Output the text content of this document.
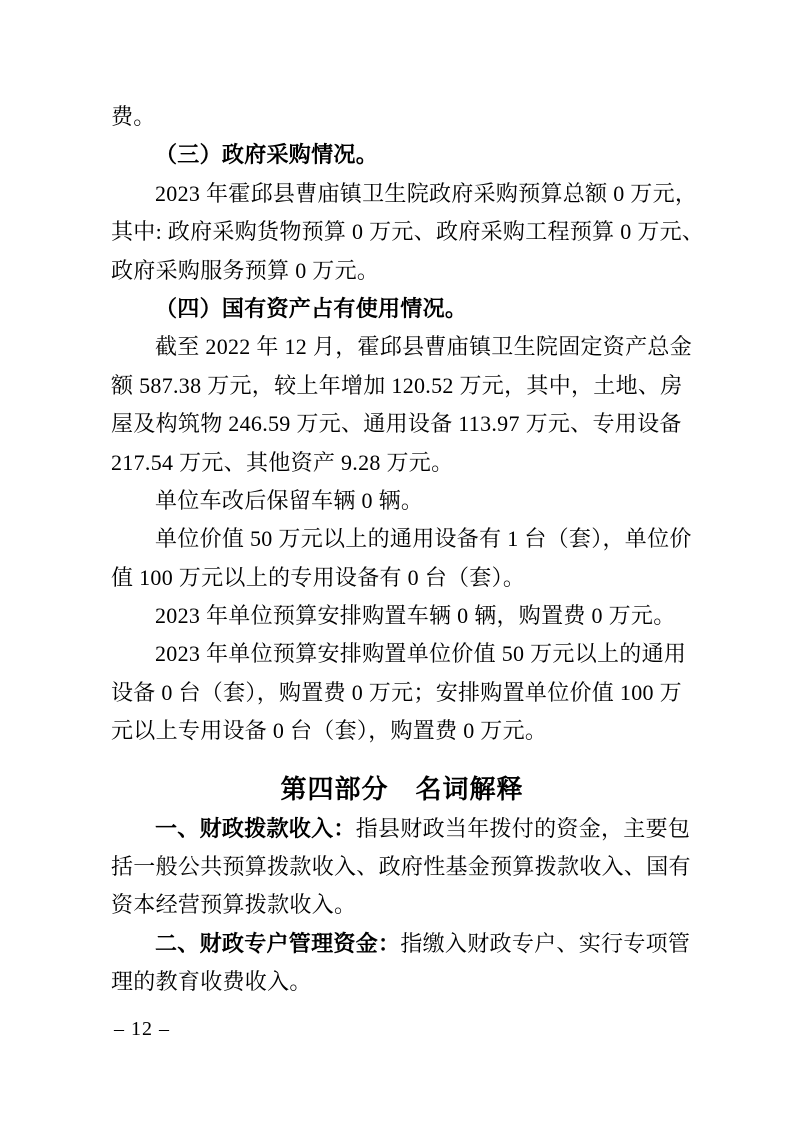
费。
（三）政府采购情况。
2023 年霍邱县曹庙镇卫生院政府采购预算总额 0 万元，
其中: 政府采购货物预算 0 万元、政府采购工程预算 0 万元、
政府采购服务预算 0 万元。
（四）国有资产占有使用情况。
截至 2022 年 12 月，霍邱县曹庙镇卫生院固定资产总金
额 587.38 万元，较上年增加 120.52 万元，其中，土地、房
屋及构筑物 246.59 万元、通用设备 113.97 万元、专用设备
217.54 万元、其他资产 9.28 万元。
单位车改后保留车辆 0 辆。
单位价值 50 万元以上的通用设备有 1 台（套），单位价
值 100 万元以上的专用设备有 0 台（套）。
2023 年单位预算安排购置车辆 0 辆，购置费 0 万元。
2023 年单位预算安排购置单位价值 50 万元以上的通用
设备 0 台（套），购置费 0 万元；安排购置单位价值 100 万
元以上专用设备 0 台（套），购置费 0 万元。
第四部分　名词解释
一、财政拨款收入：指县财政当年拨付的资金，主要包
括一般公共预算拨款收入、政府性基金预算拨款收入、国有
资本经营预算拨款收入。
二、财政专户管理资金：指缴入财政专户、实行专项管
理的教育收费收入。
– 12 –
